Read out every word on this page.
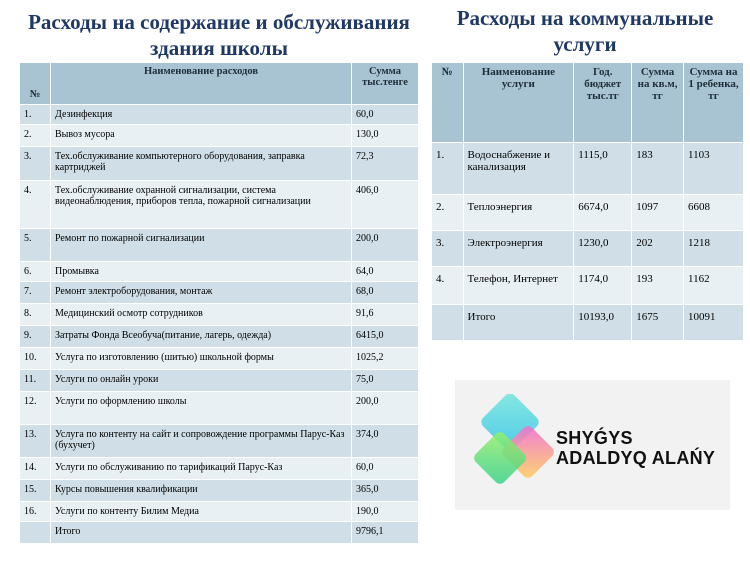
Расходы на содержание и обслуживания здания школы
Расходы на коммунальные услуги
№	Наименование расходов	Сумма тыс.тенге
1.	Дезинфекция	60,0
2.	Вывоз мусора	130,0
3.	Тех.обслуживание компьютерного оборудования, заправка картриджей	72,3
4.	Тех.обслуживание охранной сигнализации, система видеонаблюдения, приборов тепла, пожарной сигнализации	406,0
5.	Ремонт по пожарной сигнализации	200,0
6.	Промывка	64,0
7.	Ремонт электроборудования, монтаж	68,0
8.	Медицинский осмотр сотрудников	91,6
9.	Затраты Фонда Всеобуча(питание, лагерь, одежда)	6415,0
10.	Услуга по изготовлению (шитью) школьной формы	1025,2
11.	Услуги по онлайн уроки	75,0
12.	Услуги по оформлению школы	200,0
13.	Услуга по контенту на сайт и сопровождение программы Парус-Каз (бухучет)	374,0
14.	Услуги по обслуживанию по тарификаций Парус-Каз	60,0
15.	Курсы повышения квалификации	365,0
16.	Услуги по контенту Билим Медиа	190,0
	Итого	9796,1
№	Наименование услуги	Год. бюджет тыс.тг	Сумма на кв.м, тг	Сумма на 1 ребенка, тг
1.	Водоснабжение и канализация	1115,0	183	1103
2.	Теплоэнергия	6674,0	1097	6608
3.	Электроэнергия	1230,0	202	1218
4.	Телефон, Интернет	1174,0	193	1162
	Итого	10193,0	1675	10091
SHYǴYS
ADALDYQ ALAŃY
